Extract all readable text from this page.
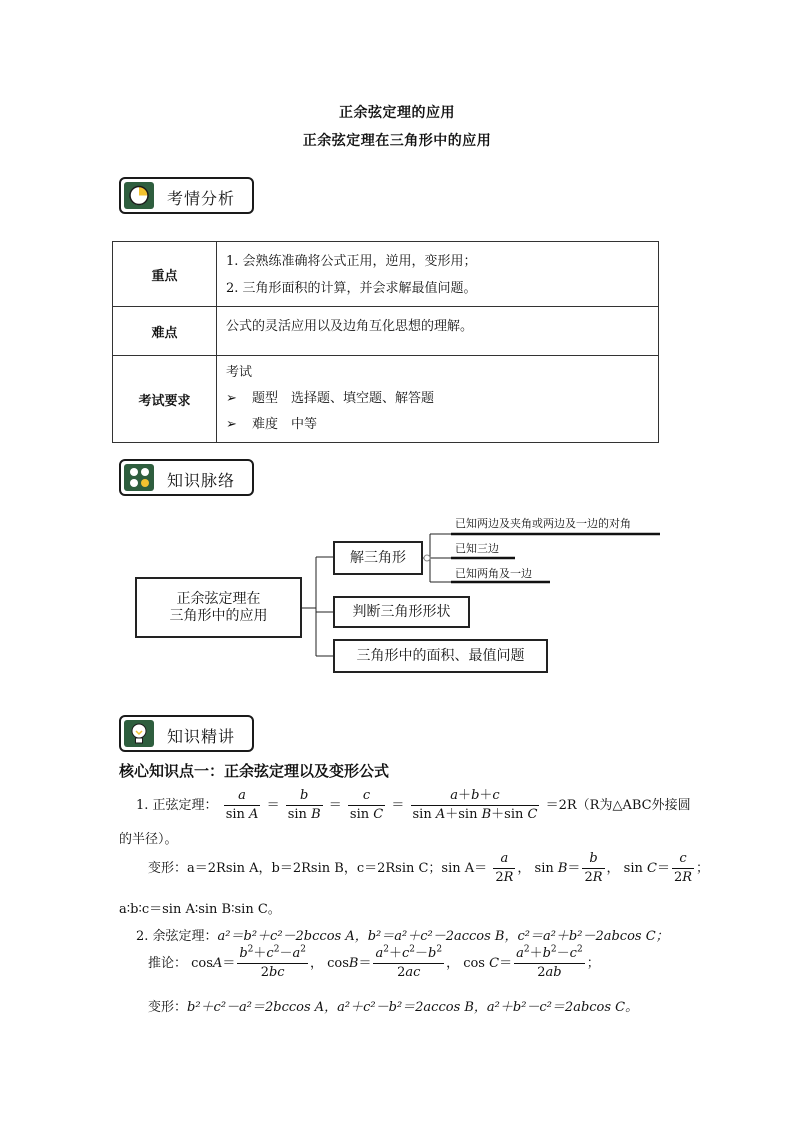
正余弦定理的应用
正余弦定理在三角形中的应用
考情分析
重点	1. 会熟练准确将公式正用，逆用，变形用；
2. 三角形面积的计算，并会求解最值问题。

难点	公式的灵活应用以及边角互化思想的理解。

考试要求	考试
➢ 题型　选择题、填空题、解答题
➢ 难度　中等
知识脉络
正余弦定理在
三角形中的应用
解三角形
判断三角形形状
三角形中的面积、最值问题
已知两边及夹角或两边及一边的对角
已知三边
已知两角及一边
知识精讲
核心知识点一：正余弦定理以及变形公式
1. 正弦定理： $\frac{a}{\text{sin A}} = \frac{b}{\text{sin B}} = \frac{c}{\text{sin C}} = \frac{a+b+c}{\text{sin A＋sin B＋sin C}} =2R(R$为△ABC外接圆
的半径）。
变形：a＝2Rsin A，b＝2Rsin B，c＝2Rsin C；$\sin A= \frac{a}{2R}$ ， $\sin B= \frac{b}{2R}$ ， $\sin C= \frac{c}{2R}$ ；
a∶b∶c＝sin A∶sin B∶sin C。
2. 余弦定理：a²＝b²＋c²－2bccos A，b²＝a²＋c²－2accos B，c²＝a²＋b²－2abcos C；
推论： $\cos A= \frac{b^2+c^2-a^2}{2bc}$ ， $\cos B= \frac{a^2+c^2-b^2}{2ac}$ ， $\cos C= \frac{a^2+b^2-c^2}{2ab}$ ；
变形：b²＋c²－a²＝2bccos A，a²＋c²－b²＝2accos B，a²＋b²－c²＝2abcos C。
